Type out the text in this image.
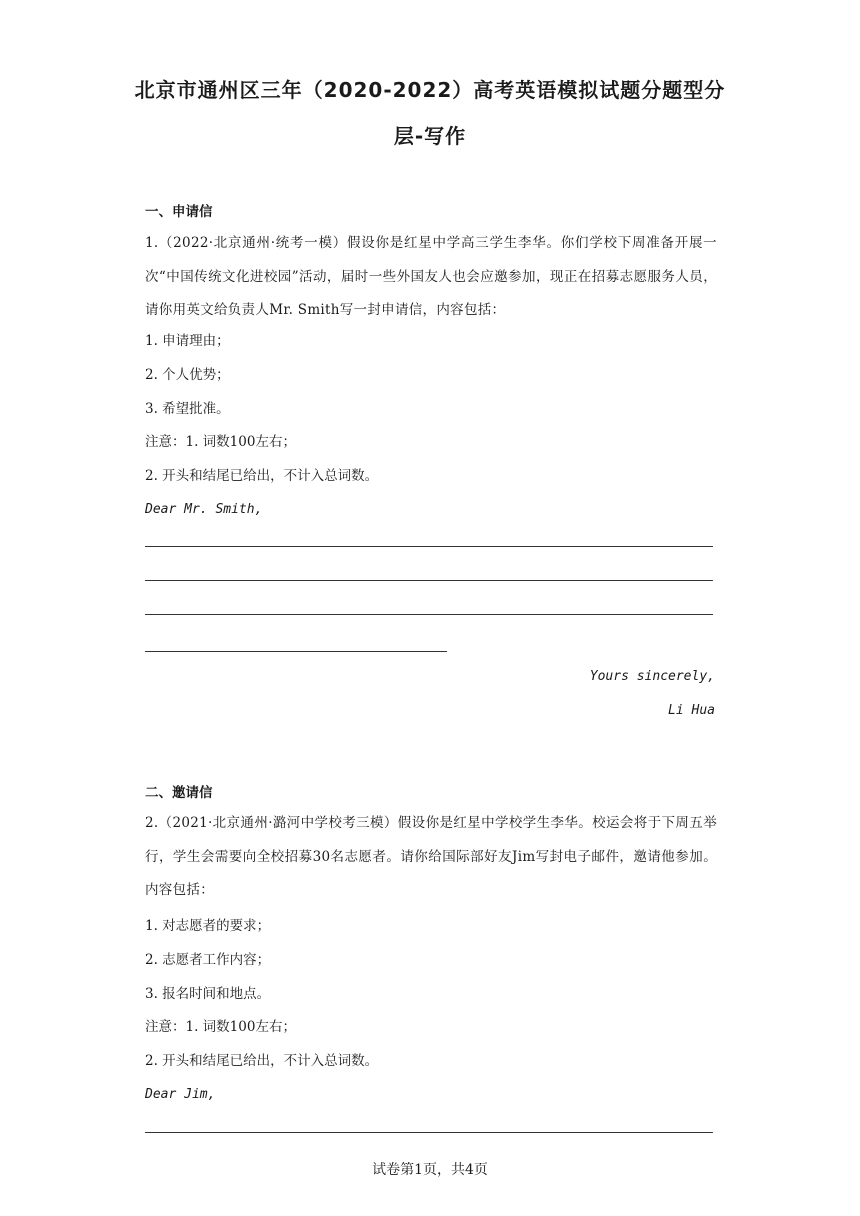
北京市通州区三年（2020-2022）高考英语模拟试题分题型分
层-写作
一、申请信
1.（2022·北京通州·统考一模）假设你是红星中学高三学生李华。你们学校下周准备开展一次“中国传统文化进校园”活动，届时一些外国友人也会应邀参加，现正在招募志愿服务人员，请你用英文给负责人Mr. Smith写一封申请信，内容包括：
1. 申请理由；
2. 个人优势；
3. 希望批准。
注意：1. 词数100左右；
2. 开头和结尾已给出，不计入总词数。
Dear Mr. Smith,
Yours sincerely,
Li Hua
二、邀请信
2.（2021·北京通州·潞河中学校考三模）假设你是红星中学校学生李华。校运会将于下周五举行，学生会需要向全校招募30名志愿者。请你给国际部好友Jim写封电子邮件，邀请他参加。内容包括：
1. 对志愿者的要求；
2. 志愿者工作内容；
3. 报名时间和地点。
注意：1. 词数100左右；
2. 开头和结尾已给出，不计入总词数。
Dear Jim,
试卷第1页，共4页
